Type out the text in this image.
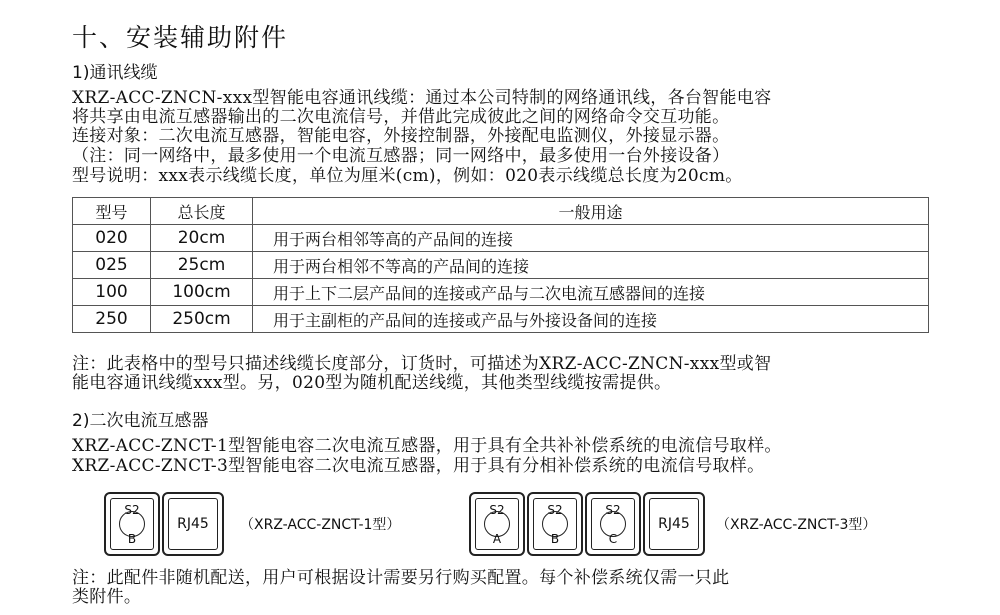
十、安装辅助附件
1)通讯线缆
XRZ-ACC-ZNCN-xxx型智能电容通讯线缆：通过本公司特制的网络通讯线，各台智能电容
将共享由电流互感器输出的二次电流信号，并借此完成彼此之间的网络命令交互功能。
连接对象：二次电流互感器，智能电容，外接控制器，外接配电监测仪，外接显示器。
（注：同一网络中，最多使用一个电流互感器；同一网络中，最多使用一台外接设备）
型号说明：xxx表示线缆长度，单位为厘米(cm)，例如：020表示线缆总长度为20cm。
型号	总长度	一般用途
020	20cm	用于两台相邻等高的产品间的连接
025	25cm	用于两台相邻不等高的产品间的连接
100	100cm	用于上下二层产品间的连接或产品与二次电流互感器间的连接
250	250cm	用于主副柜的产品间的连接或产品与外接设备间的连接
注：此表格中的型号只描述线缆长度部分，订货时，可描述为XRZ-ACC-ZNCN-xxx型或智
能电容通讯线缆xxx型。另，020型为随机配送线缆，其他类型线缆按需提供。
2)二次电流互感器
XRZ-ACC-ZNCT-1型智能电容二次电流互感器，用于具有全共补补偿系统的电流信号取样。
XRZ-ACC-ZNCT-3型智能电容二次电流互感器，用于具有分相补偿系统的电流信号取样。
S2
B
RJ45	（XRZ-ACC-ZNCT-1型）
S2
A
S2
B
S2
C
RJ45	（XRZ-ACC-ZNCT-3型）
注：此配件非随机配送，用户可根据设计需要另行购买配置。每个补偿系统仅需一只此
类附件。
